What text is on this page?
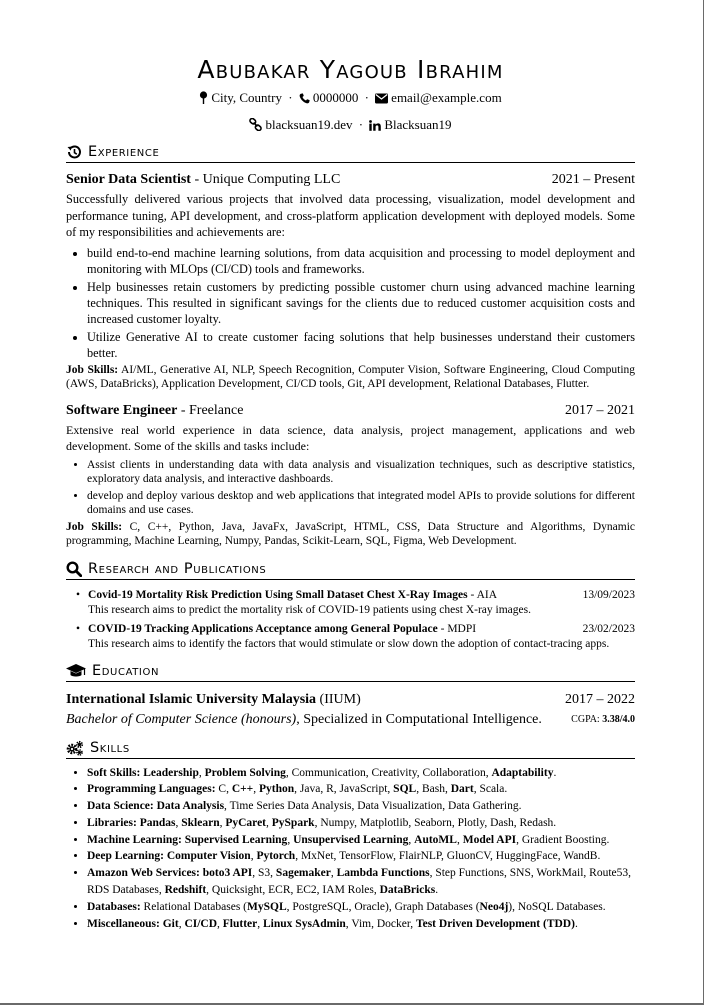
Abubakar Yagoub Ibrahim
City, Country · 0000000 · email@example.com
blacksuan19.dev · Blacksuan19
Experience
Senior Data Scientist - Unique Computing LLC	2021 – Present

Successfully delivered various projects that involved data processing, visualization, model development and performance tuning, API development, and cross-platform application development with deployed models. Some of my responsibilities and achievements are:

• build end-to-end machine learning solutions, from data acquisition and processing to model deployment and monitoring with MLOps (CI/CD) tools and frameworks.
• Help businesses retain customers by predicting possible customer churn using advanced machine learning techniques. This resulted in significant savings for the clients due to reduced customer acquisition costs and increased customer loyalty.
• Utilize Generative AI to create customer facing solutions that help businesses understand their customers better.
Job Skills: AI/ML, Generative AI, NLP, Speech Recognition, Computer Vision, Software Engineering, Cloud Computing (AWS, DataBricks), Application Development, CI/CD tools, Git, API development, Relational Databases, Flutter.
Software Engineer - Freelance	2017 – 2021

Extensive real world experience in data science, data analysis, project management, applications and web development. Some of the skills and tasks include:

• Assist clients in understanding data with data analysis and visualization techniques, such as descriptive statistics, exploratory data analysis, and interactive dashboards.
• develop and deploy various desktop and web applications that integrated model APIs to provide solutions for different domains and use cases.
Job Skills: C, C++, Python, Java, JavaFx, JavaScript, HTML, CSS, Data Structure and Algorithms, Dynamic programming, Machine Learning, Numpy, Pandas, Scikit-Learn, SQL, Figma, Web Development.
Research and Publications
• Covid-19 Mortality Risk Prediction Using Small Dataset Chest X-Ray Images - AIA	13/09/2023
This research aims to predict the mortality risk of COVID-19 patients using chest X-ray images.
• COVID-19 Tracking Applications Acceptance among General Populace - MDPI	23/02/2023
This research aims to identify the factors that would stimulate or slow down the adoption of contact-tracing apps.
Education
International Islamic University Malaysia (IIUM)	2017 – 2022
Bachelor of Computer Science (honours), Specialized in Computational Intelligence.	CGPA: 3.38/4.0
Skills
• Soft Skills: Leadership, Problem Solving, Communication, Creativity, Collaboration, Adaptability.
• Programming Languages: C, C++, Python, Java, R, JavaScript, SQL, Bash, Dart, Scala.
• Data Science: Data Analysis, Time Series Data Analysis, Data Visualization, Data Gathering.
• Libraries: Pandas, Sklearn, PyCaret, PySpark, Numpy, Matplotlib, Seaborn, Plotly, Dash, Redash.
• Machine Learning: Supervised Learning, Unsupervised Learning, AutoML, Model API, Gradient Boosting.
• Deep Learning: Computer Vision, Pytorch, MxNet, TensorFlow, FlairNLP, GluonCV, HuggingFace, WandB.
• Amazon Web Services: boto3 API, S3, Sagemaker, Lambda Functions, Step Functions, SNS, WorkMail, Route53, RDS Databases, Redshift, Quicksight, ECR, EC2, IAM Roles, DataBricks.
• Databases: Relational Databases (MySQL, PostgreSQL, Oracle), Graph Databases (Neo4j), NoSQL Databases.
• Miscellaneous: Git, CI/CD, Flutter, Linux SysAdmin, Vim, Docker, Test Driven Development (TDD).
